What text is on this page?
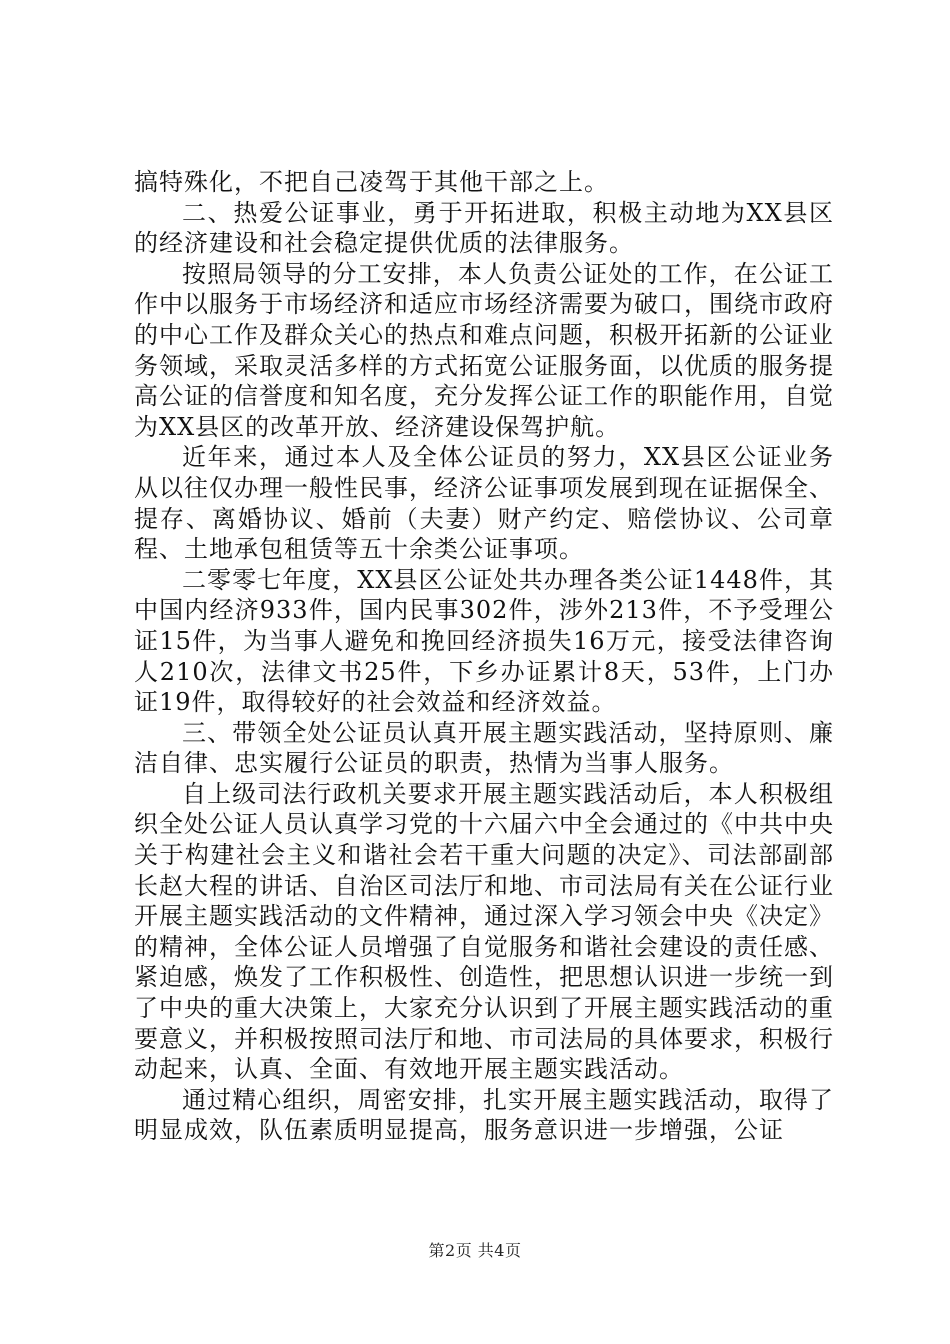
搞特殊化，不把自己凌驾于其他干部之上。

二、热爱公证事业，勇于开拓进取，积极主动地为XX县区的经济建设和社会稳定提供优质的法律服务。

按照局领导的分工安排，本人负责公证处的工作，在公证工作中以服务于市场经济和适应市场经济需要为破口，围绕市政府的中心工作及群众关心的热点和难点问题，积极开拓新的公证业务领域，采取灵活多样的方式拓宽公证服务面，以优质的服务提高公证的信誉度和知名度，充分发挥公证工作的职能作用，自觉为XX县区的改革开放、经济建设保驾护航。

近年来，通过本人及全体公证员的努力，XX县区公证业务从以往仅办理一般性民事，经济公证事项发展到现在证据保全、提存、离婚协议、婚前（夫妻）财产约定、赔偿协议、公司章程、土地承包租赁等五十余类公证事项。

二零零七年度，XX县区公证处共办理各类公证1448件，其中国内经济933件，国内民事302件，涉外213件，不予受理公证15件，为当事人避免和挽回经济损失16万元，接受法律咨询人210次，法律文书25件，下乡办证累计8天，53件，上门办证19件，取得较好的社会效益和经济效益。

三、带领全处公证员认真开展主题实践活动，坚持原则、廉洁自律、忠实履行公证员的职责，热情为当事人服务。

自上级司法行政机关要求开展主题实践活动后，本人积极组织全处公证人员认真学习党的十六届六中全会通过的《中共中央关于构建社会主义和谐社会若干重大问题的决定》、司法部副部长赵大程的讲话、自治区司法厅和地、市司法局有关在公证行业开展主题实践活动的文件精神，通过深入学习领会中央《决定》的精神，全体公证人员增强了自觉服务和谐社会建设的责任感、紧迫感，焕发了工作积极性、创造性，把思想认识进一步统一到了中央的重大决策上，大家充分认识到了开展主题实践活动的重要意义，并积极按照司法厅和地、市司法局的具体要求，积极行动起来，认真、全面、有效地开展主题实践活动。

通过精心组织，周密安排，扎实开展主题实践活动，取得了明显成效，队伍素质明显提高，服务意识进一步增强，公证

第2页 共4页
